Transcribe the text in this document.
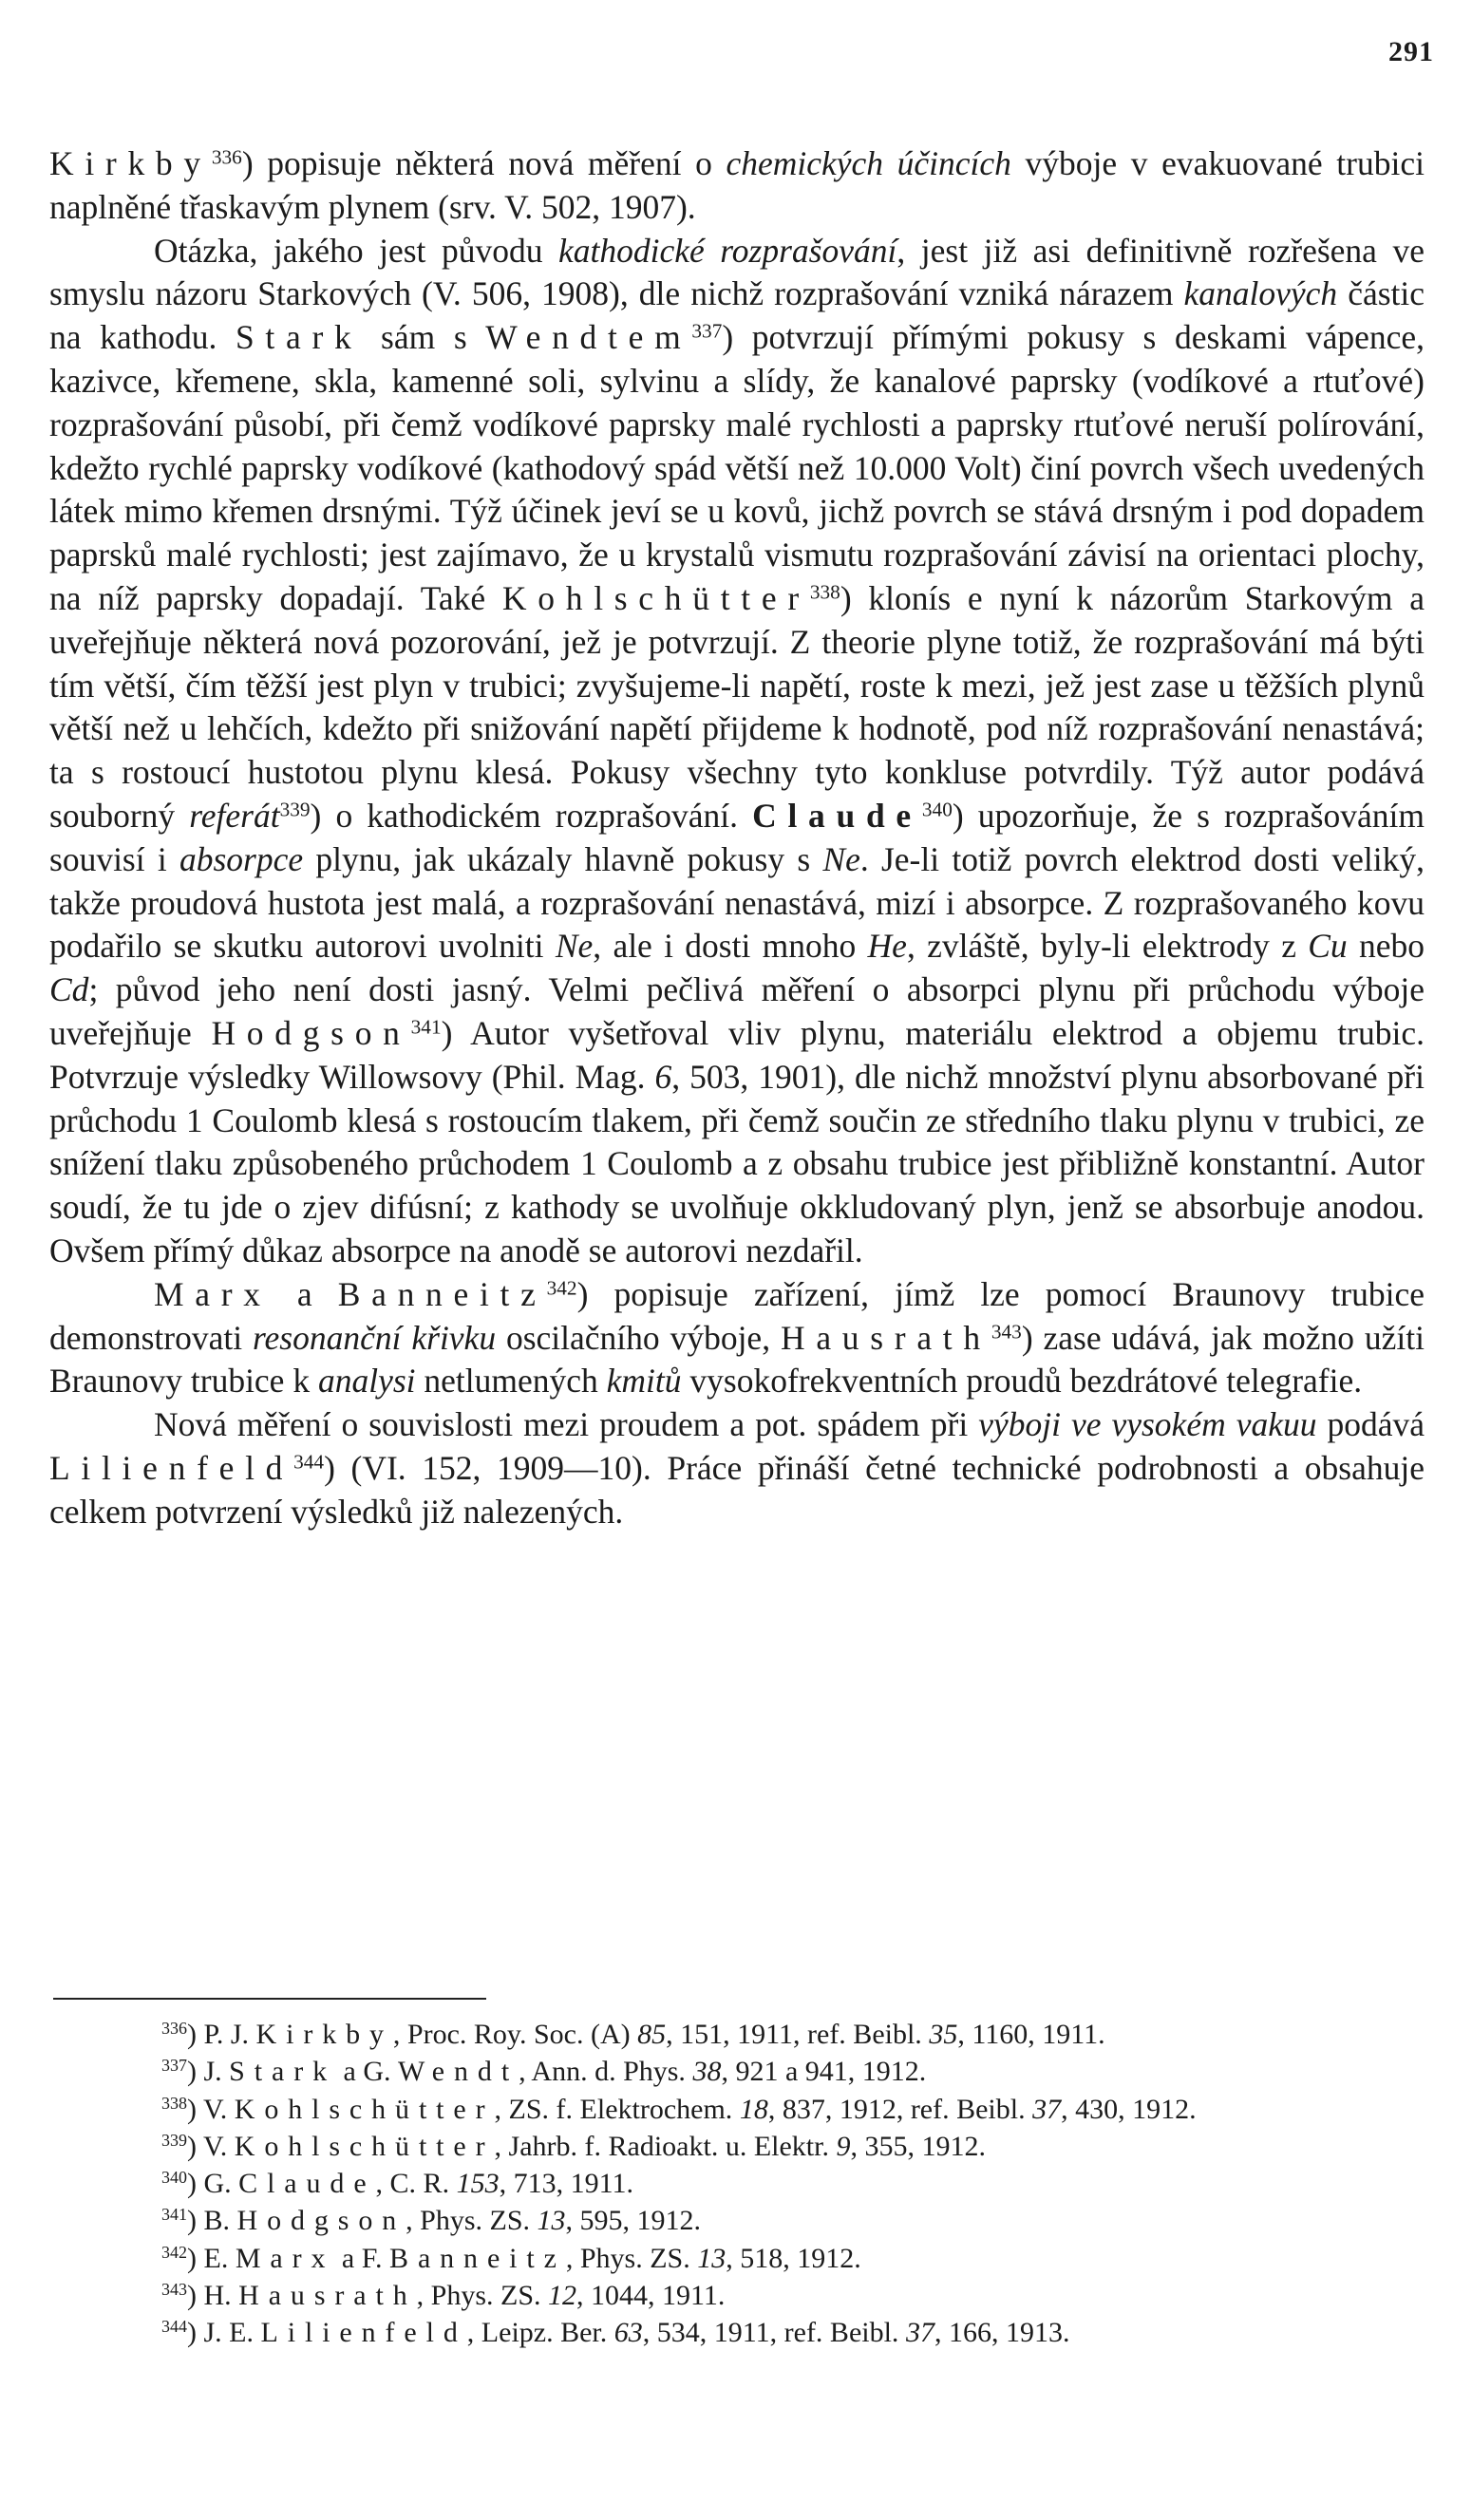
291

Kirkby$^{336}$) popisuje některá nová měření o chemických účincích výboje v evakuované trubici naplněné třaskavým plynem (srv. V. 502, 1907).

Otázka, jakého jest původu kathodické rozprašování, jest již asi definitivně rozřešena ve smyslu názoru Starkových (V. 506, 1908), dle nichž rozprašování vzniká nárazem kanalových částic na kathodu. Stark sám s Wendtem$^{337}$) potvrzují přímými pokusy s deskami vápence, kazivce, křemene, skla, kamenné soli, sylvinu a slídy, že kanalové paprsky (vodíkové a rtuťové) rozprašování působí, při čemž vodíkové paprsky malé rychlosti a paprsky rtuťové neruší polírování, kdežto rychlé paprsky vodíkové (kathodový spád větší než 10.000 Volt) činí povrch všech uvedených látek mimo křemen drsnými. Týž účinek jeví se u kovů, jichž povrch se stává drsným i pod dopadem paprsků malé rychlosti; jest zajímavo, že u krystalů vismutu rozprašování závisí na orientaci plochy, na níž paprsky dopadají. Také Kohlschütter$^{338}$) klonís e nyní k názorům Starkovým a uveřejňuje některá nová pozorování, jež je potvrzují. Z theorie plyne totiž, že rozprašování má býti tím větší, čím těžší jest plyn v trubici; zvyšujeme-li napětí, roste k mezi, jež jest zase u těžších plynů větší než u lehčích, kdežto při snižování napětí přijdeme k hodnotě, pod níž rozprašování nenastává; ta s rostoucí hustotou plynu klesá. Pokusy všechny tyto konkluse potvrdily. Týž autor podává souborný referát$^{339}$) o kathodickém rozprašování. Claude$^{340}$) upozorňuje, že s rozprašováním souvisí i absorpce plynu, jak ukázaly hlavně pokusy s Ne. Je-li totiž povrch elektrod dosti veliký, takže proudová hustota jest malá, a rozprašování nenastává, mizí i absorpce. Z rozprašovaného kovu podařilo se skutku autorovi uvolniti Ne, ale i dosti mnoho He, zvláště, byly-li elektrody z Cu nebo Cd; původ jeho není dosti jasný. Velmi pečlivá měření o absorpci plynu při průchodu výboje uveřejňuje Hodgson$^{341}$) Autor vyšetřoval vliv plynu, materiálu elektrod a objemu trubic. Potvrzuje výsledky Willowsovy (Phil. Mag. 6, 503, 1901), dle nichž množství plynu absorbované při průchodu 1 Coulomb klesá s rostoucím tlakem, při čemž součin ze středního tlaku plynu v trubici, ze snížení tlaku způsobeného průchodem 1 Coulomb a z obsahu trubice jest přibližně konstantní. Autor soudí, že tu jde o zjev difúsní; z kathody se uvolňuje okkludovaný plyn, jenž se absorbuje anodou. Ovšem přímý důkaz absorpce na anodě se autorovi nezdařil.

Marx a Banneitz$^{342}$) popisuje zařízení, jímž lze pomocí Braunovy trubice demonstrovati resonanční křivku oscilačního výboje, Hausrath$^{343}$) zase udává, jak možno užíti Braunovy trubice k analysi netlumených kmitů vysokofrekventních proudů bezdrátové telegrafie.

Nová měření o souvislosti mezi proudem a pot. spádem při výboji ve vysokém vakuu podává Lilienfeld$^{344}$) (VI. 152, 1909—10). Práce přináší četné technické podrobnosti a obsahuje celkem potvrzení výsledků již nalezených.

$^{336}$) P. J. Kirkby, Proc. Roy. Soc. (A) 85, 151, 1911, ref. Beibl. 35, 1160, 1911.

$^{337}$) J. Stark a G. Wendt, Ann. d. Phys. 38, 921 a 941, 1912.

$^{338}$) V. Kohlschütter, ZS. f. Elektrochem. 18, 837, 1912, ref. Beibl. 37, 430, 1912.

$^{339}$) V. Kohlschütter, Jahrb. f. Radioakt. u. Elektr. 9, 355, 1912.

$^{340}$) G. Claude, C. R. 153, 713, 1911.

$^{341}$) B. Hodgson, Phys. ZS. 13, 595, 1912.

$^{342}$) E. Marx a F. Banneitz, Phys. ZS. 13, 518, 1912.

$^{343}$) H. Hausrath, Phys. ZS. 12, 1044, 1911.

$^{344}$) J. E. Lilienfeld, Leipz. Ber. 63, 534, 1911, ref. Beibl. 37, 166, 1913.
